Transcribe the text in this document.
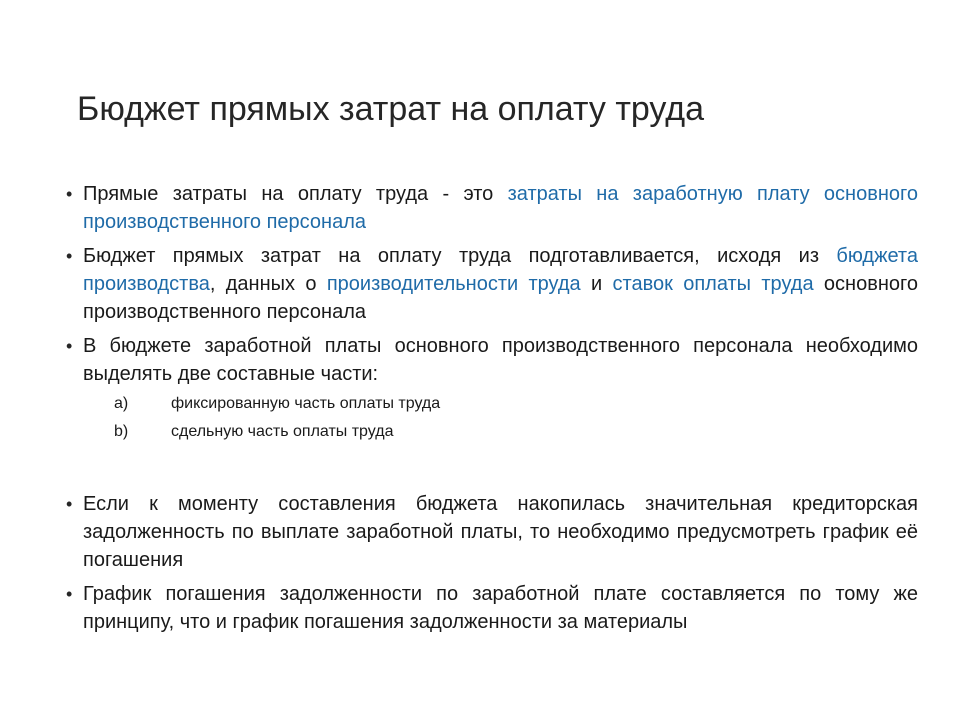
Бюджет прямых затрат на оплату труда
• Прямые затраты на оплату труда - это затраты на заработную плату основного производственного персонала
• Бюджет прямых затрат на оплату труда подготавливается, исходя из бюджета производства, данных о производительности труда и ставок оплаты труда основного производственного персонала
• В бюджете заработной платы основного производственного персонала необходимо выделять две составные части:
a)	фиксированную часть оплаты труда
b)	сдельную часть оплаты труда
• Если к моменту составления бюджета накопилась значительная кредиторская задолженность по выплате заработной платы, то необходимо предусмотреть график её погашения
• График погашения задолженности по заработной плате составляется по тому же принципу, что и график погашения задолженности за материалы
